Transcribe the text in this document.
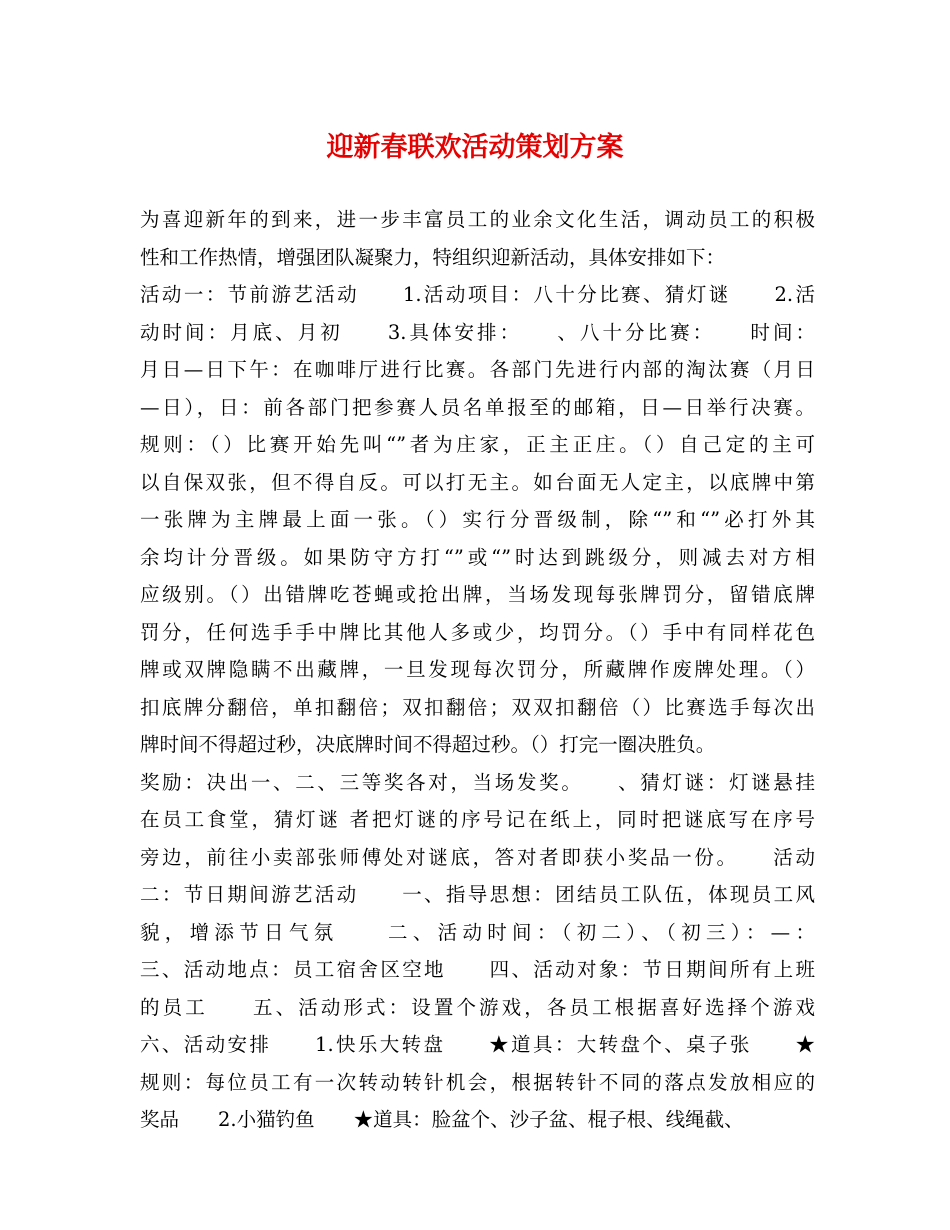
迎新春联欢活动策划方案
为喜迎新年的到来，进一步丰富员工的业余文化生活，调动员工的积极
性和工作热情，增强团队凝聚力，特组织迎新活动，具体安排如下：
活动一：节前游艺活动　　1.活动项目：八十分比赛、猜灯谜　　2.活
动时间：月底、月初　　3.具体安排：　　、八十分比赛：　　时间：
月日—日下午：在咖啡厅进行比赛。各部门先进行内部的淘汰赛（月日
—日），日：前各部门把参赛人员名单报至的邮箱，日—日举行决赛。
规则：（）比赛开始先叫“”者为庄家，正主正庄。（）自己定的主可
以自保双张，但不得自反。可以打无主。如台面无人定主，以底牌中第
一张牌为主牌最上面一张。（）实行分晋级制，除“”和“”必打外其
余均计分晋级。如果防守方打“”或“”时达到跳级分，则减去对方相
应级别。（）出错牌吃苍蝇或抢出牌，当场发现每张牌罚分，留错底牌
罚分，任何选手手中牌比其他人多或少，均罚分。（）手中有同样花色
牌或双牌隐瞒不出藏牌，一旦发现每次罚分，所藏牌作废牌处理。（）
扣底牌分翻倍，单扣翻倍；双扣翻倍；双双扣翻倍（）比赛选手每次出
牌时间不得超过秒，决底牌时间不得超过秒。（）打完一圈决胜负。
奖励：决出一、二、三等奖各对，当场发奖。　　、猜灯谜：灯谜悬挂
在员工食堂，猜灯谜 者把灯谜的序号记在纸上，同时把谜底写在序号
旁边，前往小卖部张师傅处对谜底，答对者即获小奖品一份。　　活动
二：节日期间游艺活动　　一、指导思想：团结员工队伍，体现员工风
貌，增添节日气氛　　二、活动时间：（初二）、（初三）：—：
三、活动地点：员工宿舍区空地　　四、活动对象：节日期间所有上班
的员工　　五、活动形式：设置个游戏，各员工根据喜好选择个游戏
六、活动安排　　1.快乐大转盘　　★道具：大转盘个、桌子张　　★
规则：每位员工有一次转动转针机会，根据转针不同的落点发放相应的
奖品　　2.小猫钓鱼　　★道具：脸盆个、沙子盆、棍子根、线绳截、
